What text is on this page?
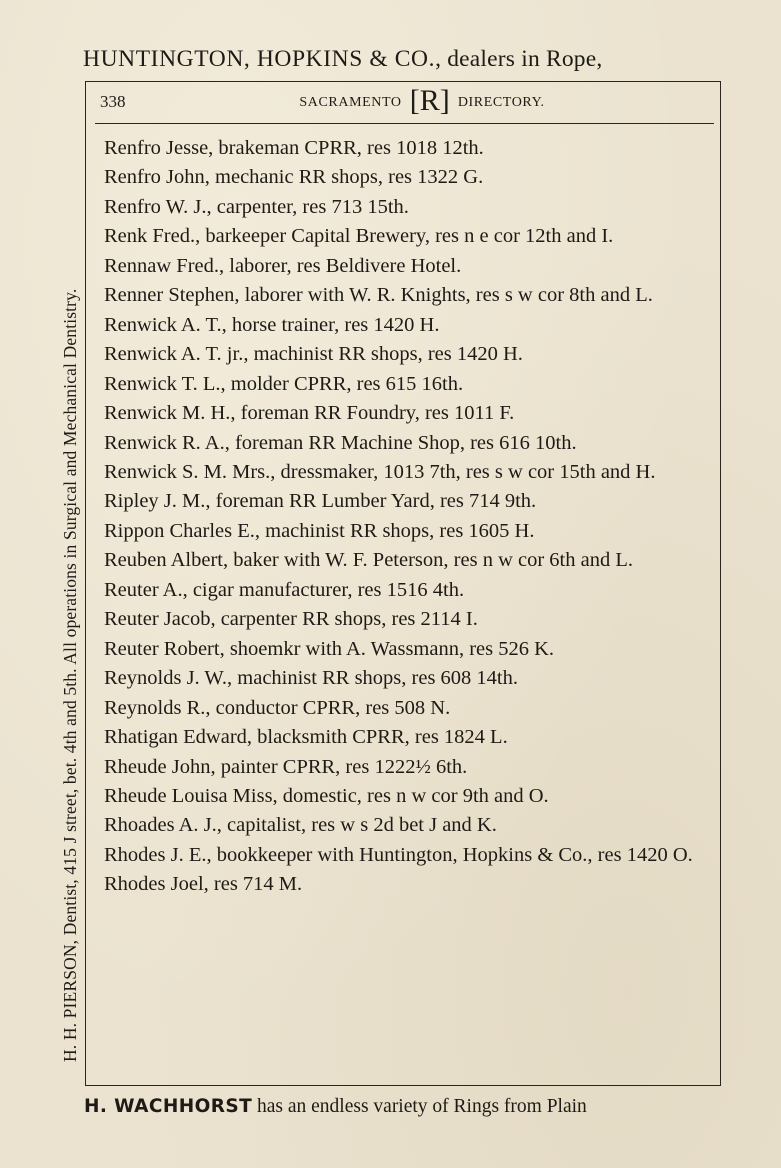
HUNTINGTON, HOPKINS & CO., dealers in Rope,
H. H. PIERSON, Dentist, 415 J street, bet. 4th and 5th. All operations in Surgical and Mechanical Dentistry.
338	SACRAMENTO [R] DIRECTORY.
Renfro Jesse, brakeman CPRR, res 1018 12th.
Renfro John, mechanic RR shops, res 1322 G.
Renfro W. J., carpenter, res 713 15th.
Renk Fred., barkeeper Capital Brewery, res n e cor 12th and I.
Rennaw Fred., laborer, res Beldivere Hotel.
Renner Stephen, laborer with W. R. Knights, res s w cor 8th and L.
Renwick A. T., horse trainer, res 1420 H.
Renwick A. T. jr., machinist RR shops, res 1420 H.
Renwick T. L., molder CPRR, res 615 16th.
Renwick M. H., foreman RR Foundry, res 1011 F.
Renwick R. A., foreman RR Machine Shop, res 616 10th.
Renwick S. M. Mrs., dressmaker, 1013 7th, res s w cor 15th and H.
Ripley J. M., foreman RR Lumber Yard, res 714 9th.
Rippon Charles E., machinist RR shops, res 1605 H.
Reuben Albert, baker with W. F. Peterson, res n w cor 6th and L.
Reuter A., cigar manufacturer, res 1516 4th.
Reuter Jacob, carpenter RR shops, res 2114 I.
Reuter Robert, shoemkr with A. Wassmann, res 526 K.
Reynolds J. W., machinist RR shops, res 608 14th.
Reynolds R., conductor CPRR, res 508 N.
Rhatigan Edward, blacksmith CPRR, res 1824 L.
Rheude John, painter CPRR, res 1222½ 6th.
Rheude Louisa Miss, domestic, res n w cor 9th and O.
Rhoades A. J., capitalist, res w s 2d bet J and K.
Rhodes J. E., bookkeeper with Huntington, Hopkins & Co., res 1420 O.
Rhodes Joel, res 714 M.
H. WACHHORST has an endless variety of Rings from Plain
